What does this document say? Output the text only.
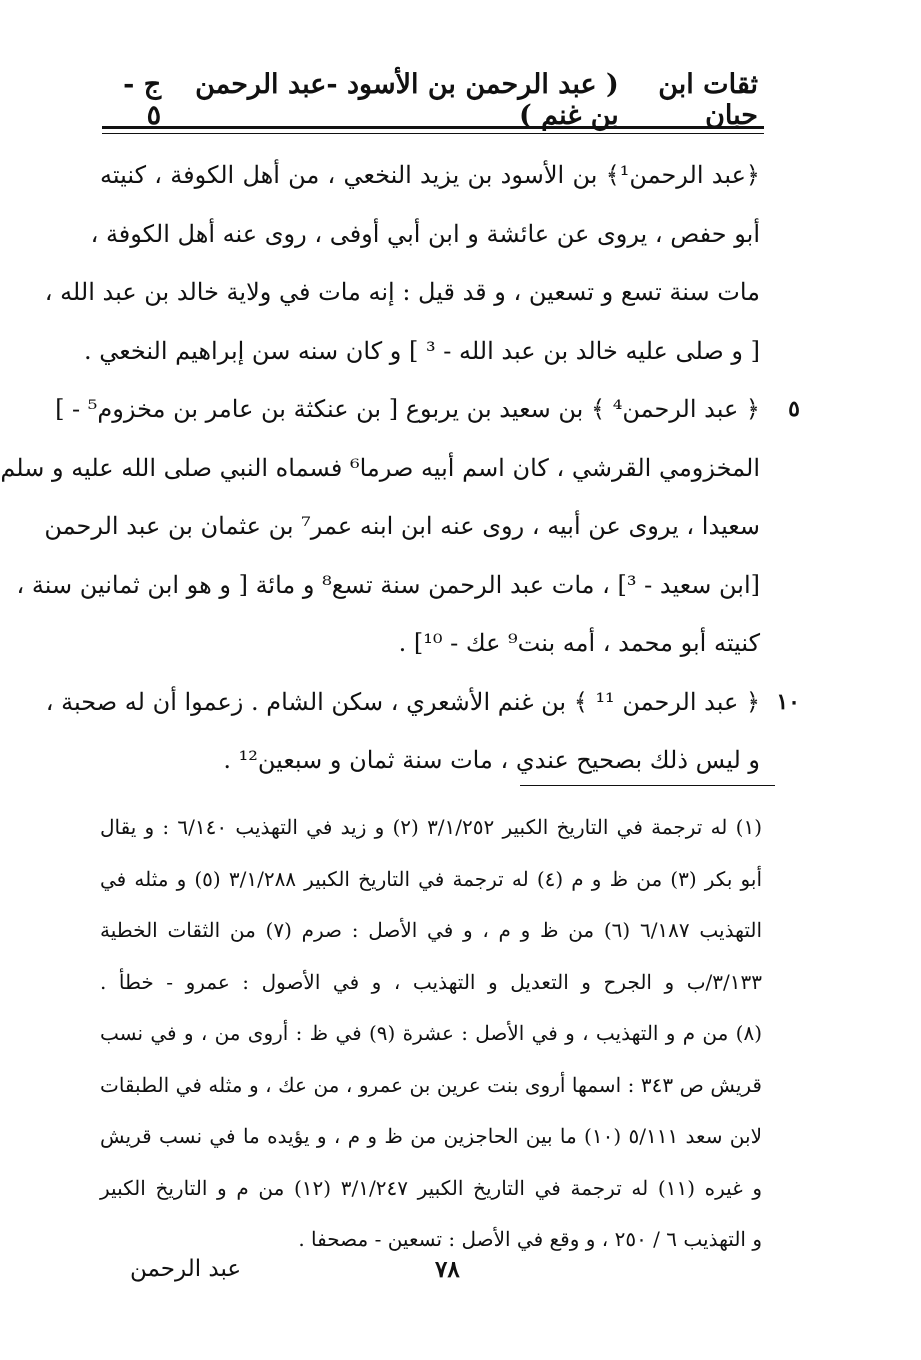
ثقات ابن حبان
( عبد الرحمن بن الأسود -عبد الرحمن بن غنم )
ج - ٥
﴿عبد الرحمن¹﴾ بن الأسود بن يزيد النخعي ، من أهل الكوفة ، كنيته
أبو حفص ، يروى عن عائشة و ابن أبي أوفى ، روى عنه أهل الكوفة ،
مات سنة تسع و تسعين ، و قد قيل : إنه مات في ولاية خالد بن عبد الله ،
[ و صلى عليه خالد بن عبد الله - ³ ] و كان سنه سن إبراهيم النخعي .
٥
﴿ عبد الرحمن⁴ ﴾ بن سعيد بن يربوع [ بن عنكثة بن عامر بن مخزوم⁵ - ]
المخزومي القرشي ، كان اسم أبيه صرما⁶ فسماه النبي صلى الله عليه و سلم
سعيدا ، يروى عن أبيه ، روى عنه ابن ابنه عمر⁷ بن عثمان بن عبد الرحمن
[ابن سعيد - ³] ، مات عبد الرحمن سنة تسع⁸ و مائة [ و هو ابن ثمانين سنة ،
كنيته أبو محمد ، أمه بنت⁹ عك - ¹⁰] .
١٠
﴿ عبد الرحمن ¹¹ ﴾ بن غنم الأشعري ، سكن الشام . زعموا أن له صحبة ،
و ليس ذلك بصحيح عندي ، مات سنة ثمان و سبعين¹² .
(١) له ترجمة في التاريخ الكبير ٣/١/٢٥٢ (٢) و زيد في التهذيب ٦/١٤٠ : و يقال
أبو بكر (٣) من ظ و م (٤) له ترجمة في التاريخ الكبير ٣/١/٢٨٨ (٥) و مثله في
التهذيب ٦/١٨٧ (٦) من ظ و م ، و في الأصل : صرم (٧) من الثقات الخطية
٣/١٣٣/ب و الجرح و التعديل و التهذيب ، و في الأصول : عمرو - خطأ .
(٨) من م و التهذيب ، و في الأصل : عشرة (٩) في ظ : أروى من ، و في نسب
قريش ص ٣٤٣ : اسمها أروى بنت عرين بن عمرو ، من عك ، و مثله في الطبقات
لابن سعد ٥/١١١ (١٠) ما بين الحاجزين من ظ و م ، و يؤيده ما في نسب قريش
و غيره (١١) له ترجمة في التاريخ الكبير ٣/١/٢٤٧ (١٢) من م و التاريخ الكبير
و التهذيب ٦ / ٢٥٠ ، و وقع في الأصل : تسعين - مصحفا .
٧٨
عبد الرحمن
